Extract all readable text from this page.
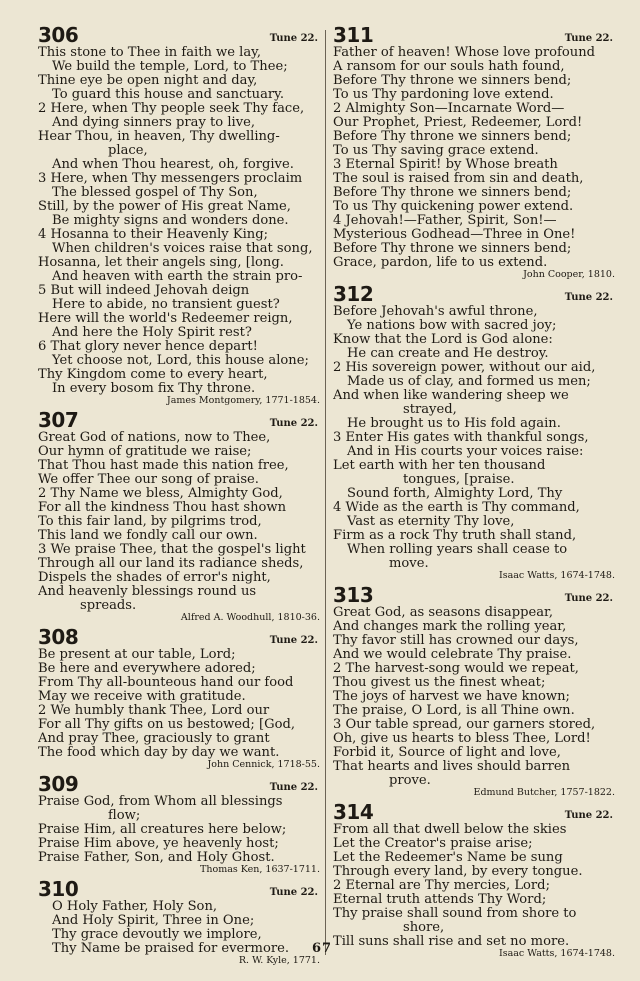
306	Tune 22.
This stone to Thee in faith we lay,
We build the temple, Lord, to Thee;
Thine eye be open night and day,
To guard this house and sanctuary.
2 Here, when Thy people seek Thy face,
And dying sinners pray to live,
Hear Thou, in heaven, Thy dwelling-
place,
And when Thou hearest, oh, forgive.
3 Here, when Thy messengers proclaim
The blessed gospel of Thy Son,
Still, by the power of His great Name,
Be mighty signs and wonders done.
4 Hosanna to their Heavenly King;
When children's voices raise that song,
Hosanna, let their angels sing, [long.
And heaven with earth the strain pro-
5 But will indeed Jehovah deign
Here to abide, no transient guest?
Here will the world's Redeemer reign,
And here the Holy Spirit rest?
6 That glory never hence depart!
Yet choose not, Lord, this house alone;
Thy Kingdom come to every heart,
In every bosom fix Thy throne.
James Montgomery, 1771-1854.
307	Tune 22.
Great God of nations, now to Thee,
Our hymn of gratitude we raise;
That Thou hast made this nation free,
We offer Thee our song of praise.
2 Thy Name we bless, Almighty God,
For all the kindness Thou hast shown
To this fair land, by pilgrims trod,
This land we fondly call our own.
3 We praise Thee, that the gospel's light
Through all our land its radiance sheds,
Dispels the shades of error's night,
And heavenly blessings round us
spreads.
Alfred A. Woodhull, 1810-36.
308	Tune 22.
Be present at our table, Lord;
Be here and everywhere adored;
From Thy all-bounteous hand our food
May we receive with gratitude.
2 We humbly thank Thee, Lord our
For all Thy gifts on us bestowed; [God,
And pray Thee, graciously to grant
The food which day by day we want.
John Cennick, 1718-55.
309	Tune 22.
Praise God, from Whom all blessings
flow;
Praise Him, all creatures here below;
Praise Him above, ye heavenly host;
Praise Father, Son, and Holy Ghost.
Thomas Ken, 1637-1711.
310	Tune 22.
O Holy Father, Holy Son,
And Holy Spirit, Three in One;
Thy grace devoutly we implore,
Thy Name be praised for evermore.
R. W. Kyle, 1771.
311	Tune 22.
Father of heaven! Whose love profound
A ransom for our souls hath found,
Before Thy throne we sinners bend;
To us Thy pardoning love extend.
2 Almighty Son—Incarnate Word—
Our Prophet, Priest, Redeemer, Lord!
Before Thy throne we sinners bend;
To us Thy saving grace extend.
3 Eternal Spirit! by Whose breath
The soul is raised from sin and death,
Before Thy throne we sinners bend;
To us Thy quickening power extend.
4 Jehovah!—Father, Spirit, Son!—
Mysterious Godhead—Three in One!
Before Thy throne we sinners bend;
Grace, pardon, life to us extend.
John Cooper, 1810.
312	Tune 22.
Before Jehovah's awful throne,
Ye nations bow with sacred joy;
Know that the Lord is God alone:
He can create and He destroy.
2 His sovereign power, without our aid,
Made us of clay, and formed us men;
And when like wandering sheep we
strayed,
He brought us to His fold again.
3 Enter His gates with thankful songs,
And in His courts your voices raise:
Let earth with her ten thousand
tongues, [praise.
Sound forth, Almighty Lord, Thy
4 Wide as the earth is Thy command,
Vast as eternity Thy love,
Firm as a rock Thy truth shall stand,
When rolling years shall cease to
move.
Isaac Watts, 1674-1748.
313	Tune 22.
Great God, as seasons disappear,
And changes mark the rolling year,
Thy favor still has crowned our days,
And we would celebrate Thy praise.
2 The harvest-song would we repeat,
Thou givest us the finest wheat;
The joys of harvest we have known;
The praise, O Lord, is all Thine own.
3 Our table spread, our garners stored,
Oh, give us hearts to bless Thee, Lord!
Forbid it, Source of light and love,
That hearts and lives should barren
prove.
Edmund Butcher, 1757-1822.
314	Tune 22.
From all that dwell below the skies
Let the Creator's praise arise;
Let the Redeemer's Name be sung
Through every land, by every tongue.
2 Eternal are Thy mercies, Lord;
Eternal truth attends Thy Word;
Thy praise shall sound from shore to
shore,
Till suns shall rise and set no more.
Isaac Watts, 1674-1748.
67
